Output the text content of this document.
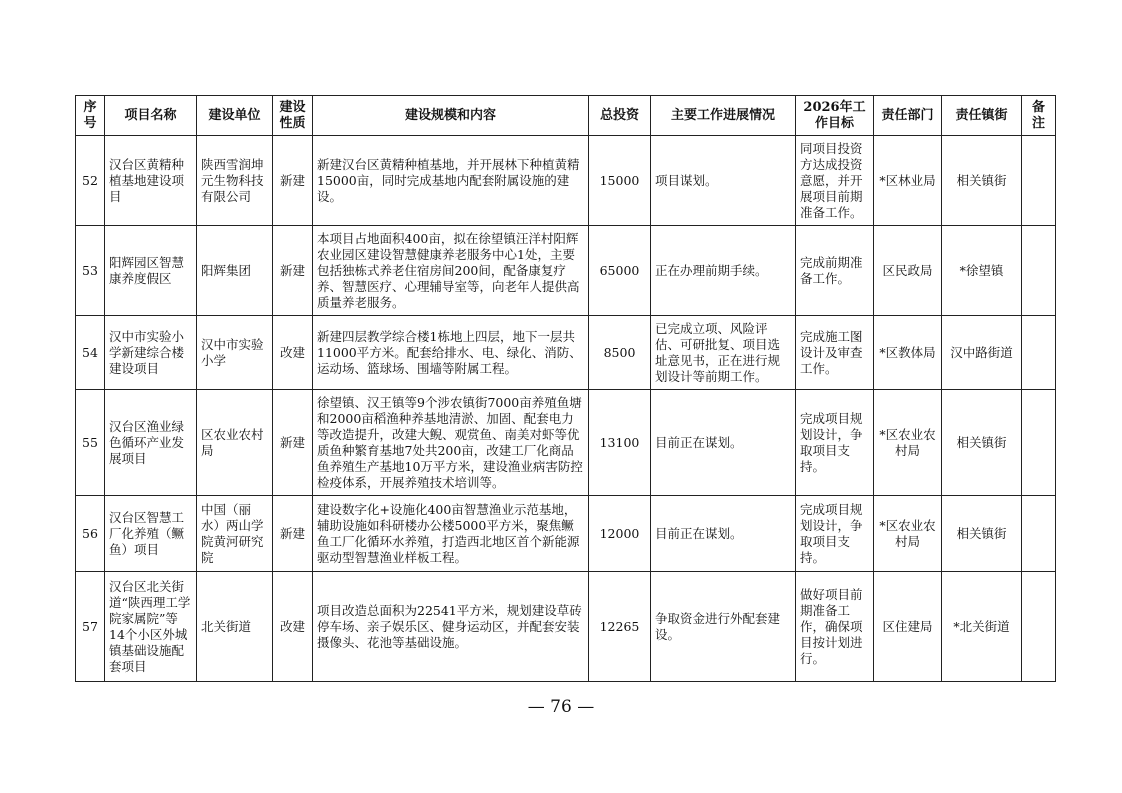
序号	项目名称	建设单位	建设性质	建设规模和内容	总投资	主要工作进展情况	2026年工作目标	责任部门	责任镇街	备注
52	汉台区黄精种植基地建设项目	陕西雪润坤元生物科技有限公司	新建	新建汉台区黄精种植基地，并开展林下种植黄精15000亩，同时完成基地内配套附属设施的建设。	15000	项目谋划。	同项目投资方达成投资意愿，并开展项目前期准备工作。	*区林业局	相关镇街	
53	阳辉园区智慧康养度假区	阳辉集团	新建	本项目占地面积400亩，拟在徐望镇汪洋村阳辉农业园区建设智慧健康养老服务中心1处，主要包括独栋式养老住宿房间200间，配备康复疗养、智慧医疗、心理辅导室等，向老年人提供高质量养老服务。	65000	正在办理前期手续。	完成前期准备工作。	区民政局	*徐望镇	
54	汉中市实验小学新建综合楼建设项目	汉中市实验小学	改建	新建四层教学综合楼1栋地上四层，地下一层共11000平方米。配套给排水、电、绿化、消防、运动场、篮球场、围墙等附属工程。	8500	已完成立项、风险评估、可研批复、项目选址意见书，正在进行规划设计等前期工作。	完成施工图设计及审查工作。	*区教体局	汉中路街道	
55	汉台区渔业绿色循环产业发展项目	区农业农村局	新建	徐望镇、汉王镇等9个涉农镇街7000亩养殖鱼塘和2000亩稻渔种养基地清淤、加固、配套电力等改造提升，改建大鲵、观赏鱼、南美对虾等优质鱼种繁育基地7处共200亩，改建工厂化商品鱼养殖生产基地10万平方米，建设渔业病害防控检疫体系，开展养殖技术培训等。	13100	目前正在谋划。	完成项目规划设计，争取项目支持。	*区农业农村局	相关镇街	
56	汉台区智慧工厂化养殖（鳜鱼）项目	中国（丽水）两山学院黄河研究院	新建	建设数字化+设施化400亩智慧渔业示范基地，辅助设施如科研楼办公楼5000平方米，聚焦鳜鱼工厂化循环水养殖，打造西北地区首个新能源驱动型智慧渔业样板工程。	12000	目前正在谋划。	完成项目规划设计，争取项目支持。	*区农业农村局	相关镇街	
57	汉台区北关街道“陕西理工学院家属院”等14个小区外城镇基础设施配套项目	北关街道	改建	项目改造总面积为22541平方米，规划建设草砖停车场、亲子娱乐区、健身运动区，并配套安装摄像头、花池等基础设施。	12265	争取资金进行外配套建设。	做好项目前期准备工作，确保项目按计划进行。	区住建局	*北关街道	
— 76 —
